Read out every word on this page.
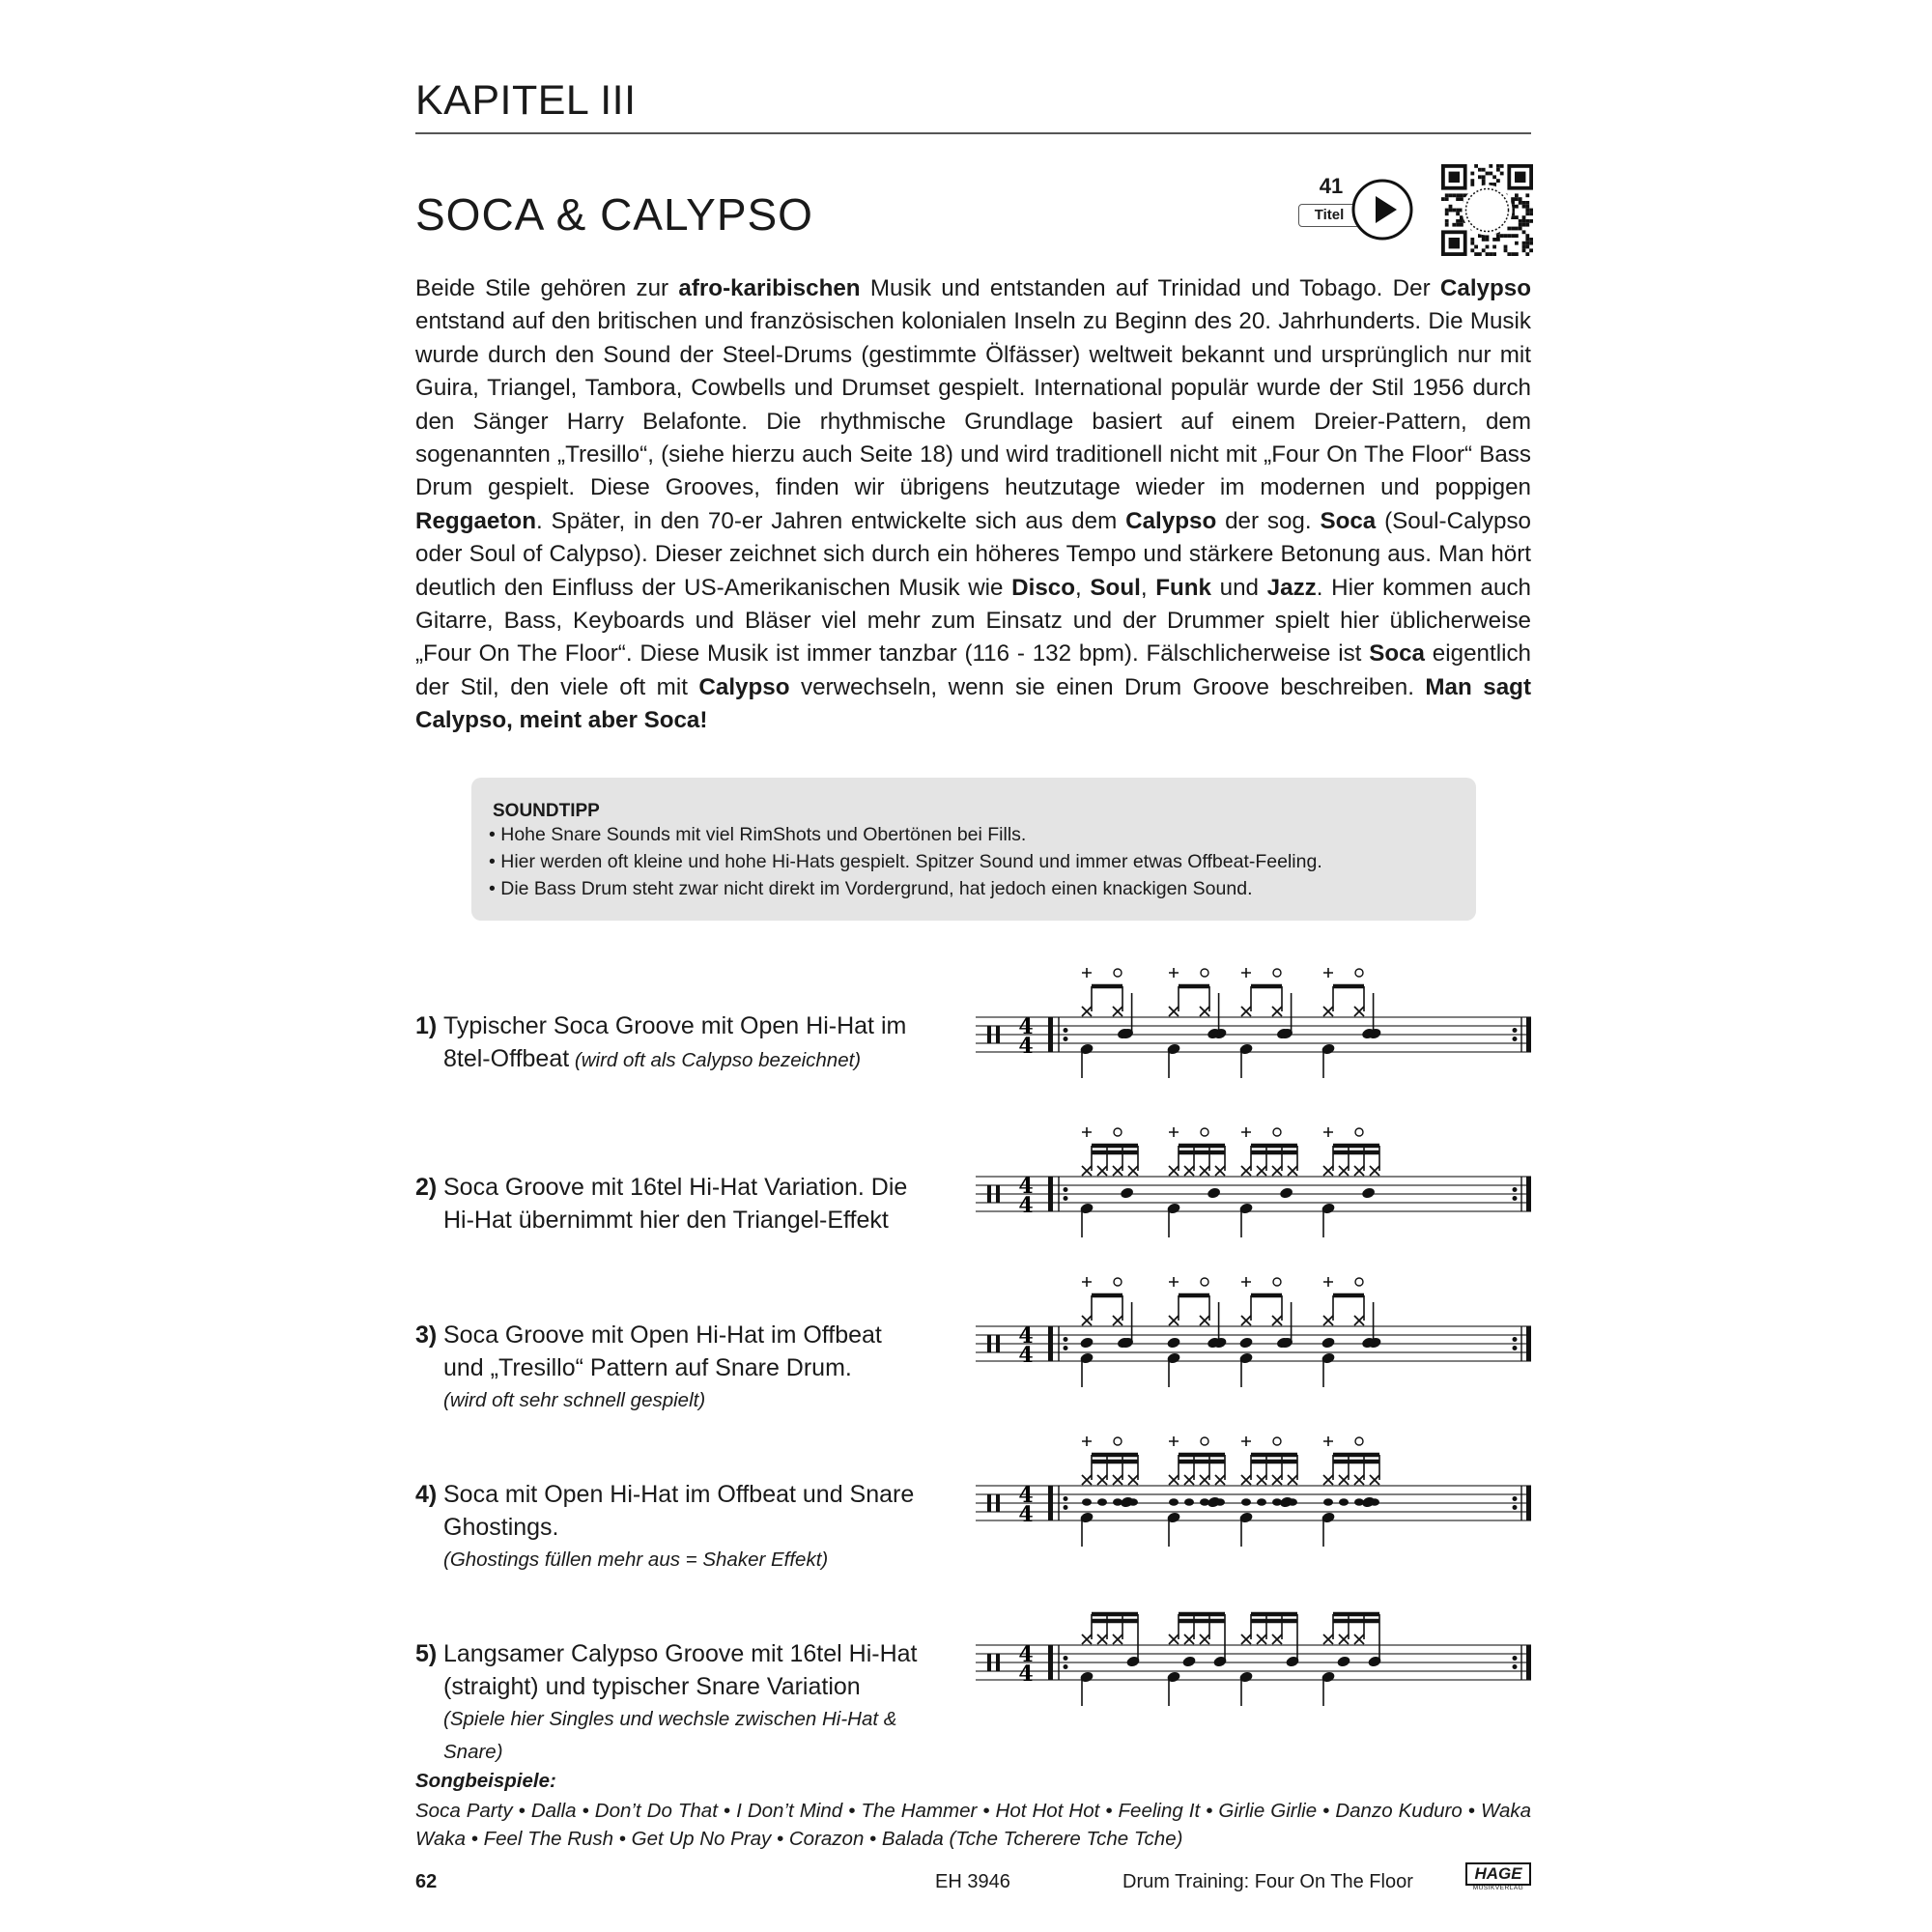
KAPITEL III
SOCA & CALYPSO
41
Titel
Beide Stile gehören zur afro-karibischen Musik und entstanden auf Trinidad und Tobago. Der Calypso entstand auf den britischen und französischen kolonialen Inseln zu Beginn des 20. Jahrhunderts. Die Musik wurde durch den Sound der Steel-Drums (gestimmte Ölfässer) weltweit bekannt und ursprünglich nur mit Guira, Triangel, Tambora, Cowbells und Drumset gespielt. International populär wurde der Stil 1956 durch den Sänger Harry Belafonte. Die rhythmische Grundlage basiert auf einem Dreier-Pattern, dem sogenannten „Tresillo“, (siehe hierzu auch Seite 18) und wird traditionell nicht mit „Four On The Floor“ Bass Drum gespielt. Diese Grooves, finden wir übrigens heutzutage wieder im modernen und poppigen Reggaeton. Später, in den 70-er Jahren entwickelte sich aus dem Calypso der sog. Soca (Soul-Calypso oder Soul of Calypso). Dieser zeichnet sich durch ein höheres Tempo und stärkere Betonung aus. Man hört deutlich den Einfluss der US-Amerikanischen Musik wie Disco, Soul, Funk und Jazz. Hier kommen auch Gitarre, Bass, Keyboards und Bläser viel mehr zum Einsatz und der Drummer spielt hier üblicherweise „Four On The Floor“. Diese Musik ist immer tanzbar (116 - 132 bpm). Fälschlicherweise ist Soca eigentlich der Stil, den viele oft mit Calypso verwechseln, wenn sie einen Drum Groove beschreiben. Man sagt Calypso, meint aber Soca!
SOUNDTIPP
• Hohe Snare Sounds mit viel RimShots und Obertönen bei Fills.
• Hier werden oft kleine und hohe Hi-Hats gespielt. Spitzer Sound und immer etwas Offbeat-Feeling.
• Die Bass Drum steht zwar nicht direkt im Vordergrund, hat jedoch einen knackigen Sound.
1) Typischer Soca Groove mit Open Hi-Hat im
8tel-Offbeat (wird oft als Calypso bezeichnet)
4
4
2) Soca Groove mit 16tel Hi-Hat Variation. Die
Hi-Hat übernimmt hier den Triangel-Effekt
4
4
3) Soca Groove mit Open Hi-Hat im Offbeat
und „Tresillo“ Pattern auf Snare Drum.
(wird oft sehr schnell gespielt)
4
4
4) Soca mit Open Hi-Hat im Offbeat und Snare
Ghostings.
(Ghostings füllen mehr aus = Shaker Effekt)
4
4
5) Langsamer Calypso Groove mit 16tel Hi-Hat
(straight) und typischer Snare Variation
(Spiele hier Singles und wechsle zwischen Hi-Hat & Snare)
4
4
Songbeispiele:
Soca Party • Dalla • Don’t Do That • I Don’t Mind • The Hammer • Hot Hot Hot • Feeling It • Girlie Girlie • Danzo Kuduro • Waka Waka • Feel The Rush • Get Up No Pray • Corazon • Balada (Tche Tcherere Tche Tche)
62	EH 3946	Drum Training: Four On The Floor	HAGE
MUSIKVERLAG
